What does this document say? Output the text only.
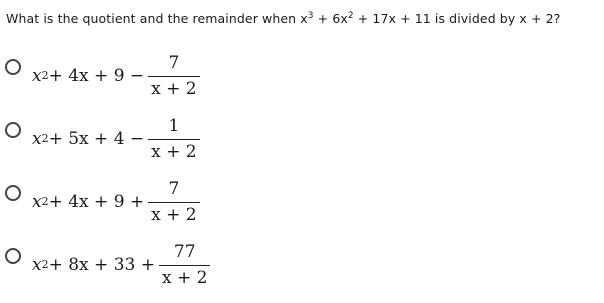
What is the quotient and the remainder when $x^3 + 6x^2 + 17x + 11$ is divided by x + 2?
x $2 + 4x + 9 - \frac{7}{x + 2}$
x $2 + 5x + 4 - \frac{1}{x + 2}$
x $2 + 4x + 9 + \frac{7}{x + 2}$
x $2 + 8x + 33 + \frac{77}{x + 2}$
